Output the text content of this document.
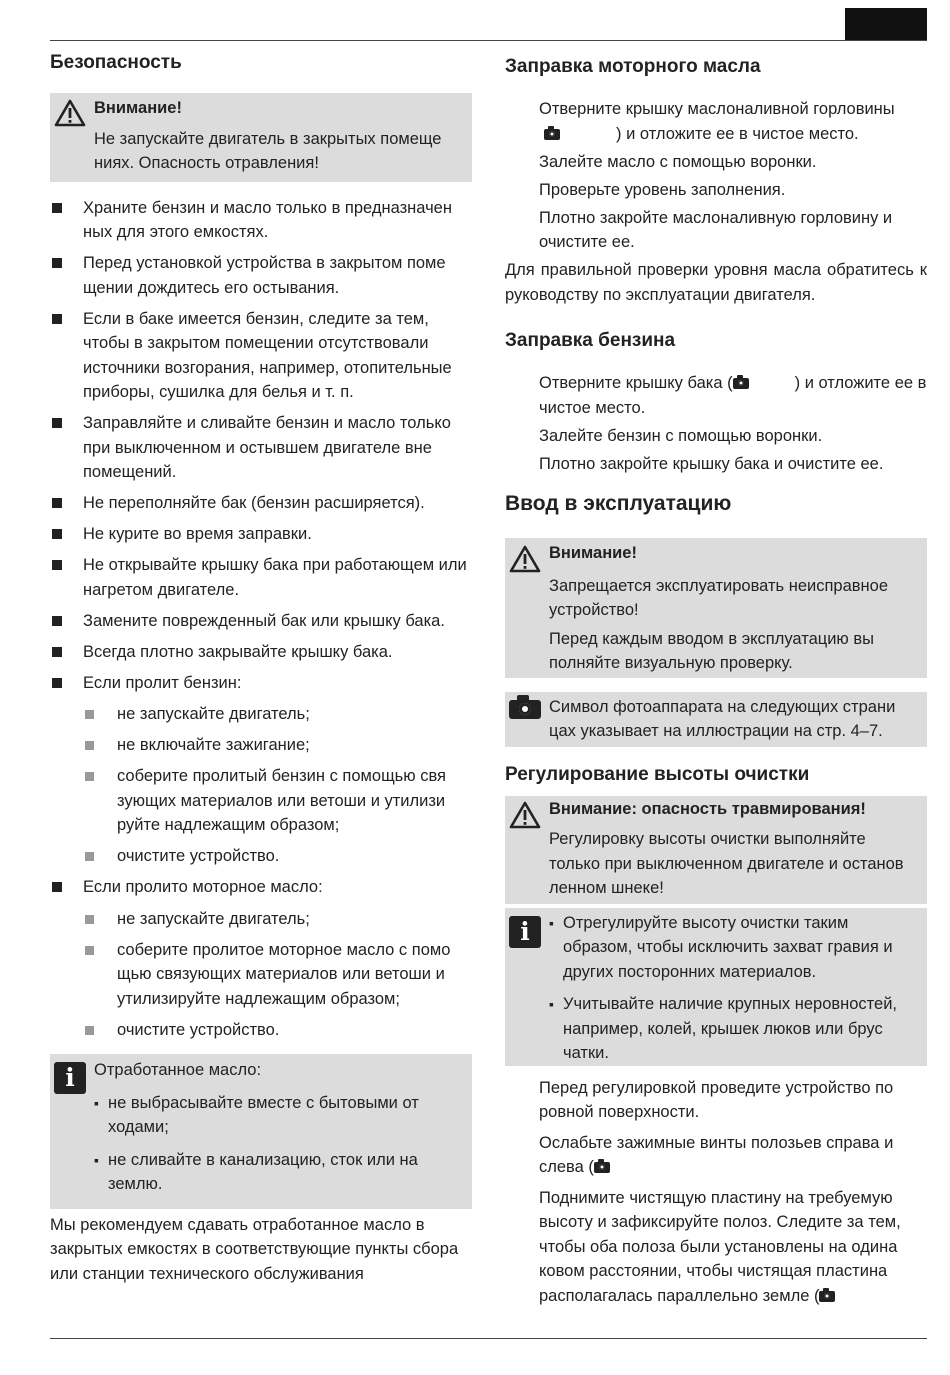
Безопасность

Внимание!

Не запускайте двигатель в закрытых помеще ниях. Опасность отравления!

Храните бензин и масло только в предназначен ных для этого емкостях.
Перед установкой устройства в закрытом поме щении дождитесь его остывания.
Если в баке имеется бензин, следите за тем, чтобы в закрытом помещении отсутствовали источники возгорания, например, отопительные приборы, сушилка для белья и т. п.
Заправляйте и сливайте бензин и масло только при выключенном и остывшем двигателе вне помещений.
Не переполняйте бак (бензин расширяется).
Не курите во время заправки.
Не открывайте крышку бака при работающем или нагретом двигателе.
Замените поврежденный бак или крышку бака.
Всегда плотно закрывайте крышку бака.
Если пролит бензин:
не запускайте двигатель;
не включайте зажигание;
соберите пролитый бензин с помощью свя зующих материалов или ветоши и утилизи руйте надлежащим образом;
очистите устройство.
Если пролито моторное масло:
не запускайте двигатель;
соберите пролитое моторное масло с помо щью связующих материалов или ветоши и утилизируйте надлежащим образом;
очистите устройство.
i	Отработанное масло:

▪ не выбрасывайте вместе с бытовыми от ходами;
▪ не сливайте в канализацию, сток или на землю.

Мы рекомендуем сдавать отработанное масло в закрытых емкостях в соответствующие пункты сбора или станции технического обслуживания

Заправка моторного масла

Отверните крышку маслоналивной горловины
) и отложите ее в чистое место.

Залейте масло с помощью воронки.

Проверьте уровень заполнения.

Плотно закройте маслоналивную горловину и очистите ее.

Для правильной проверки уровня масла обратитесь к руководству по эксплуатации двигателя.

Заправка бензина

Отверните крышку бака (	) и отложите ее в чистое место.

Залейте бензин с помощью воронки.

Плотно закройте крышку бака и очистите ее.

Ввод в эксплуатацию

Внимание!

Запрещается эксплуатировать неисправное устройство!

Перед каждым вводом в эксплуатацию вы полняйте визуальную проверку.

Символ фотоаппарата на следующих страни цах указывает на иллюстрации на стр. 4–7.

Регулирование высоты очистки

Внимание: опасность травмирования!

Регулировку высоты очистки выполняйте только при выключенном двигателе и останов ленном шнеке!

i
▪	Отрегулируйте высоту очистки таким образом, чтобы исключить захват гравия и других посторонних материалов.
▪ Учитывайте наличие крупных неровностей, например, колей, крышек люков или брус чатки.

Перед регулировкой проведите устройство по ровной поверхности.

Ослабьте зажимные винты полозьев справа и слева (

Поднимите чистящую пластину на требуемую высоту и зафиксируйте полоз. Следите за тем, чтобы оба полоза были установлены на одина ковом расстоянии, чтобы чистящая пластина располагалась параллельно земле (
